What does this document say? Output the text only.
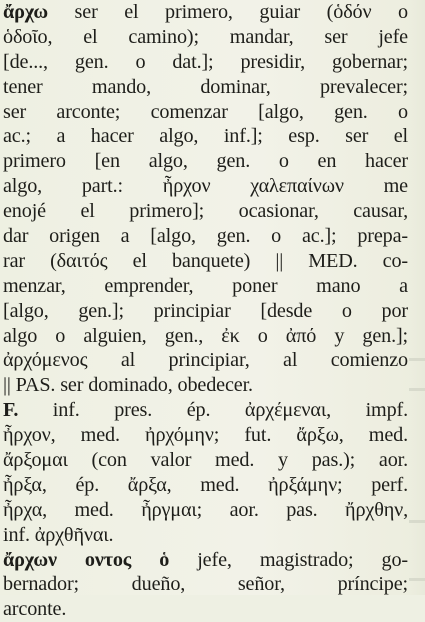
ἄρχω ser el primero, guiar (ὁδόν o
ὁδοῖο, el camino); mandar, ser jefe
[de..., gen. o dat.]; presidir, gobernar;
tener mando, dominar, prevalecer;
ser arconte; comenzar [algo, gen. o
ac.; a hacer algo, inf.]; esp. ser el
primero [en algo, gen. o en hacer
algo, part.: ἦρχον χαλεπαίνων me
enojé el primero]; ocasionar, causar,
dar origen a [algo, gen. o ac.]; prepa-
rar (δαιτός el banquete) || MED. co-
menzar, emprender, poner mano a
[algo, gen.]; principiar [desde o por
algo o alguien, gen., ἐκ o ἀπό y gen.];
ἀρχόμενος al principiar, al comienzo
|| PAS. ser dominado, obedecer.
F. inf. pres. ép. ἀρχέμεναι, impf.
ἦρχον, med. ἠρχόμην; fut. ἄρξω, med.
ἄρξομαι (con valor med. y pas.); aor.
ἦρξα, ép. ἄρξα, med. ἠρξάμην; perf.
ἦρχα, med. ἦργμαι; aor. pas. ἤρχθην,
inf. ἀρχθῆναι.
ἄρχων οντος ὁ jefe, magistrado; go-
bernador; dueño, señor, príncipe;
arconte.
